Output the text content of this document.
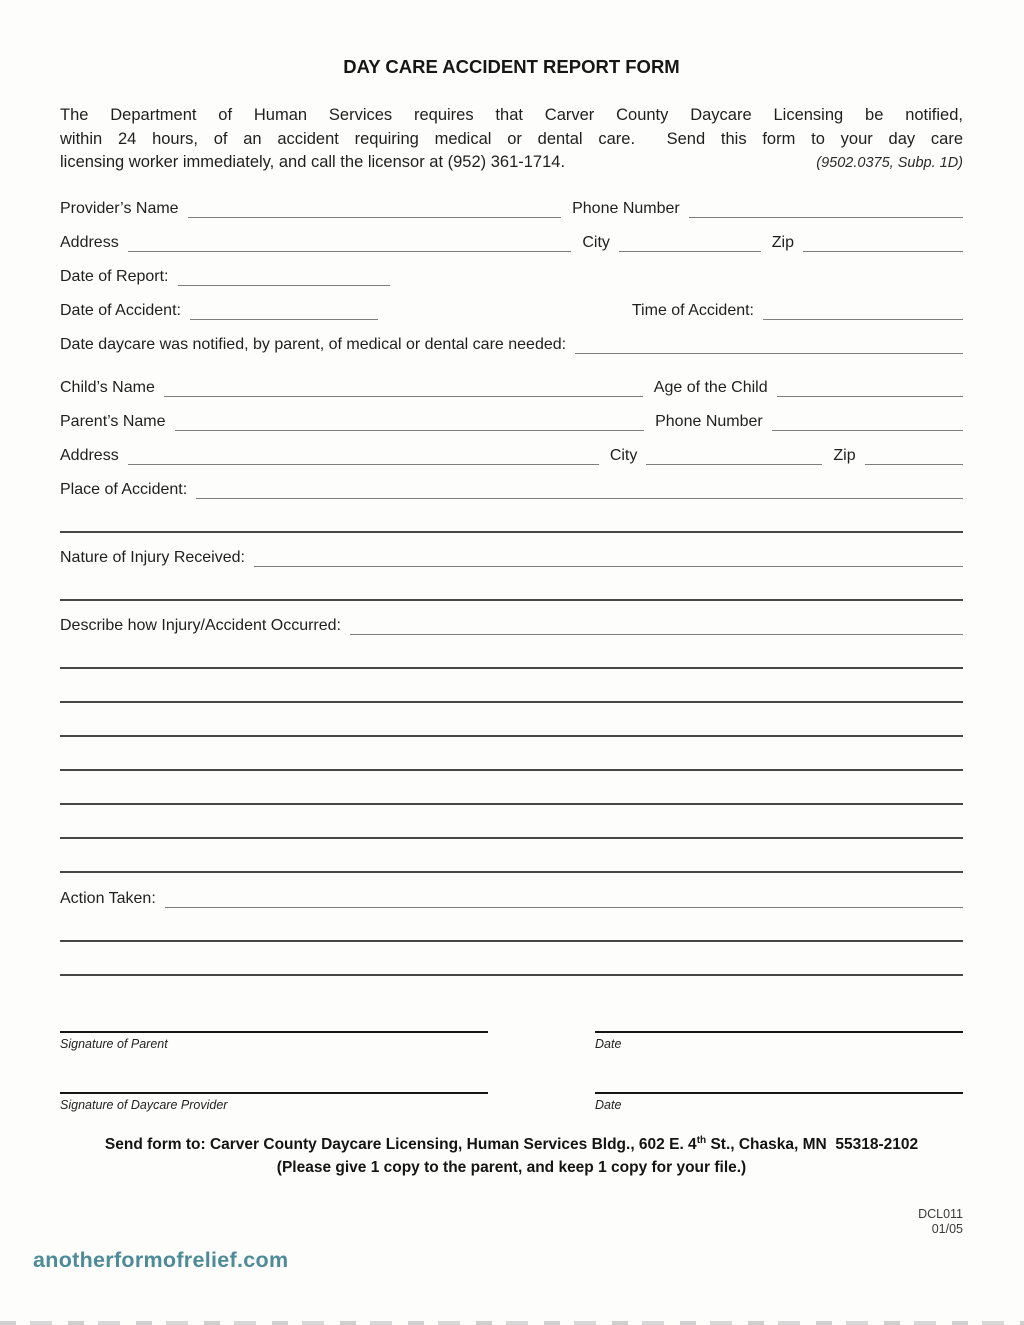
DAY CARE ACCIDENT REPORT FORM

The Department of Human Services requires that Carver County Daycare Licensing be notified,

within 24 hours, of an accident requiring medical or dental care.  Send this form to your day care

licensing worker immediately, and call the licensor at (952) 361-1714.	(9502.0375, Subp. 1D)
Provider’s Name	Phone Number
Address	City	Zip
Date of Report:
Date of Accident:	Time of Accident:
Date daycare was notified, by parent, of medical or dental care needed:
Child’s Name	Age of the Child
Parent’s Name	Phone Number
Address	City	Zip
Place of Accident:
Nature of Injury Received:
Describe how Injury/Accident Occurred:
Action Taken:
Signature of Parent	Date
Signature of Daycare Provider	Date
Send form to: Carver County Daycare Licensing, Human Services Bldg., 602 E. 4th St., Chaska, MN  55318-2102
(Please give 1 copy to the parent, and keep 1 copy for your file.)
DCL011
01/05
anotherformofrelief.com
